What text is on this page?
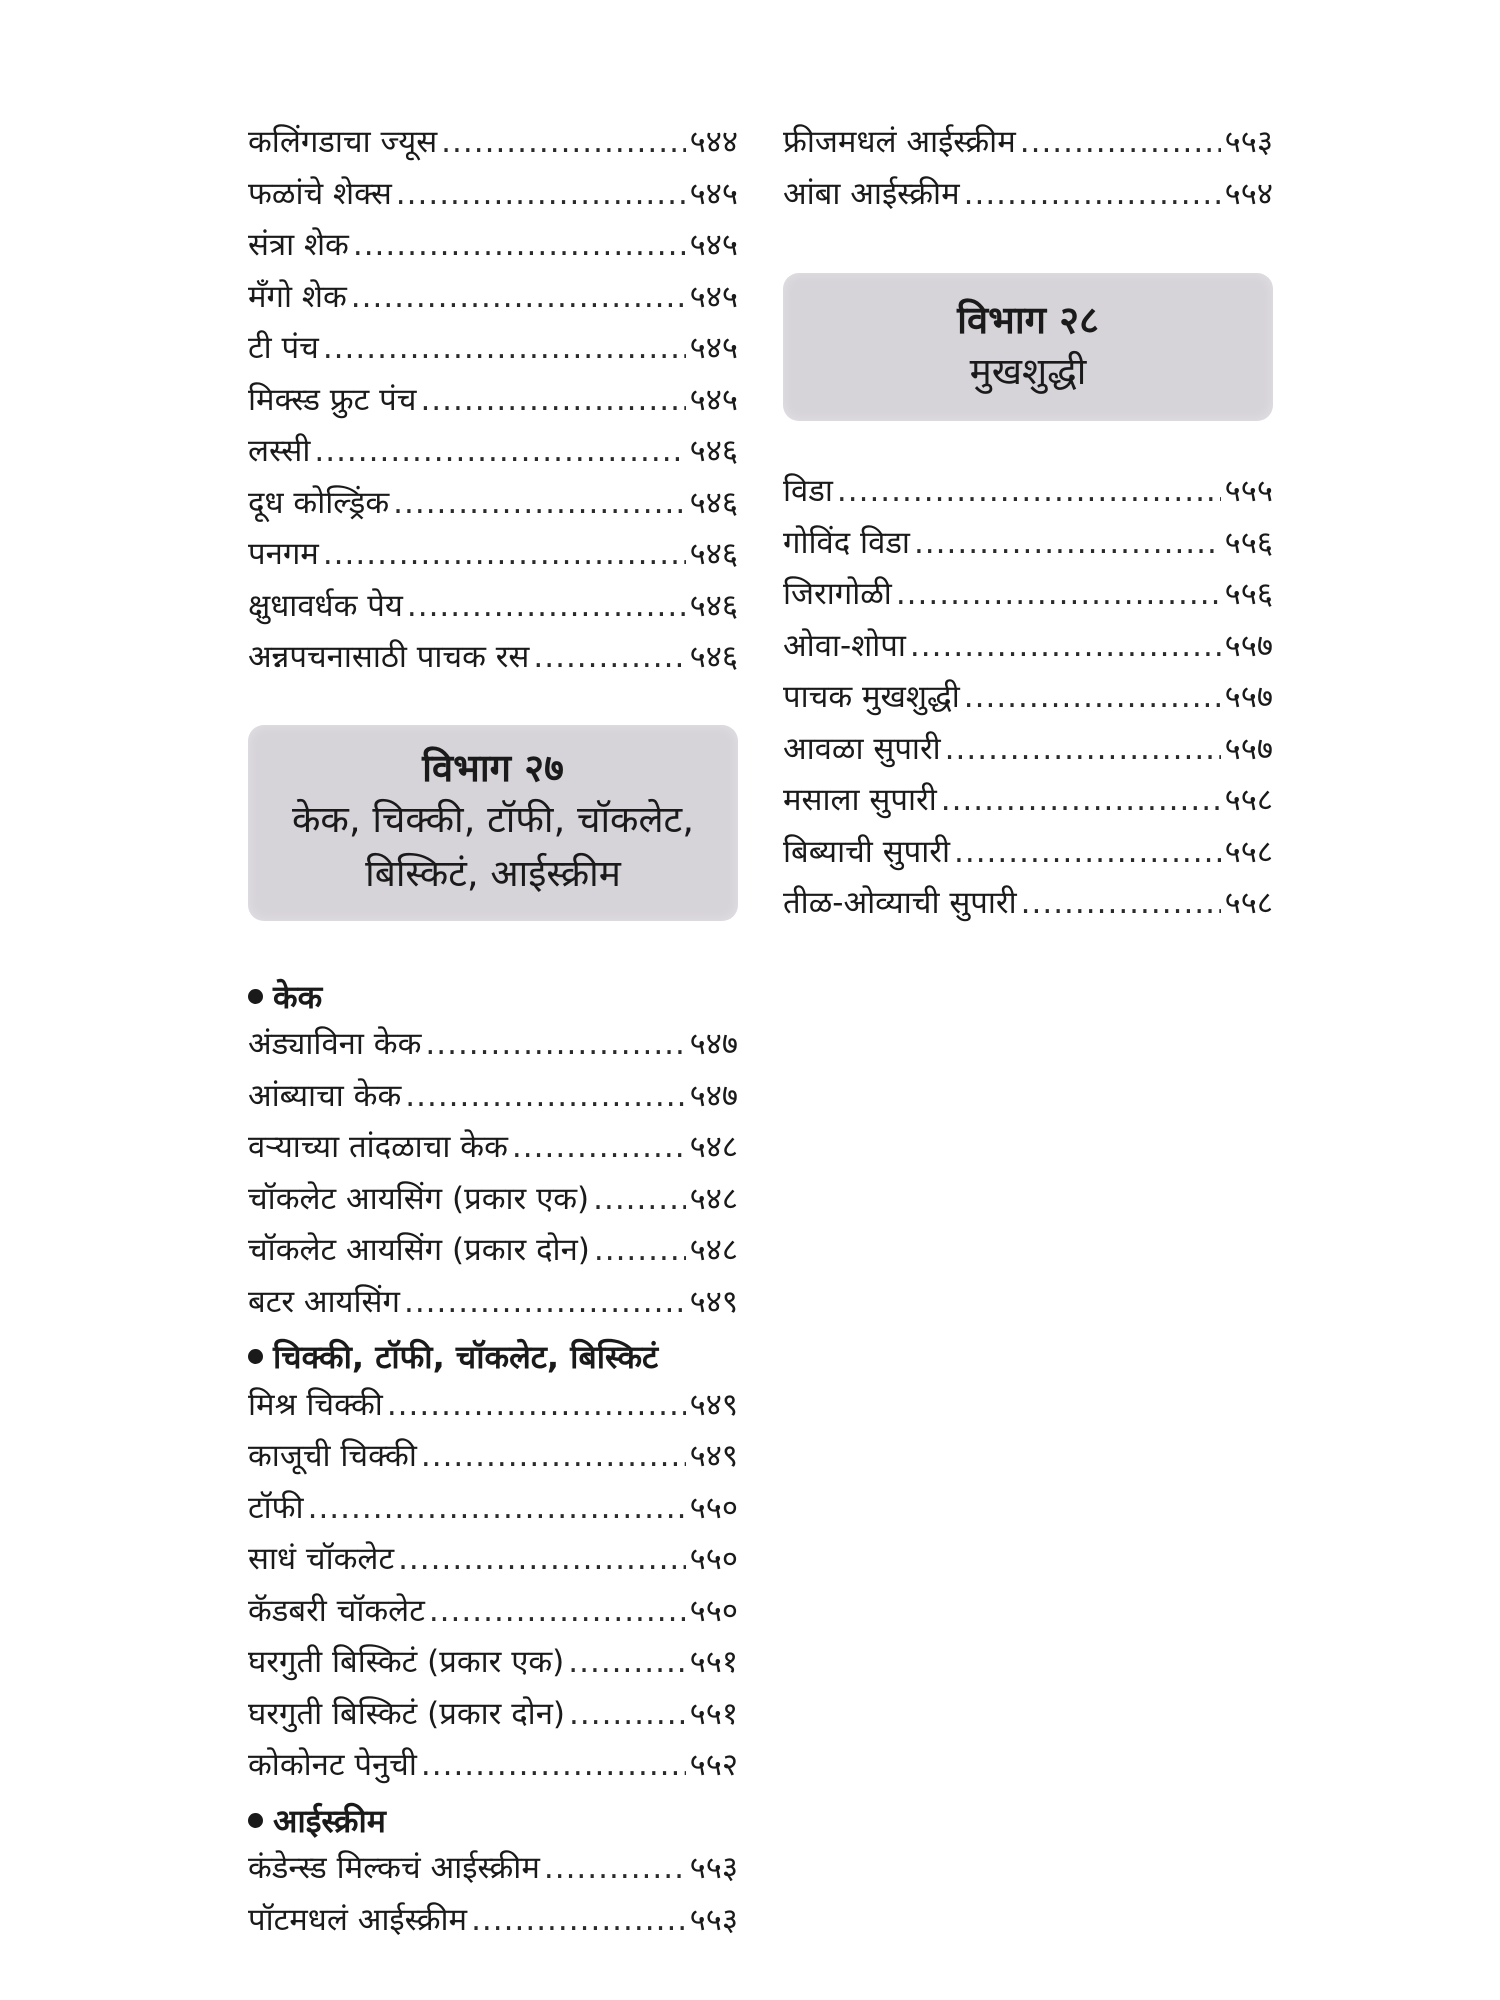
कलिंगडाचा ज्यूस .....	५४४
फळांचे शेक्स .....	५४५
संत्रा शेक .....	५४५
मँगो शेक .....	५४५
टी पंच .....	५४५
मिक्स्ड फ्रुट पंच .....	५४५
लस्सी .....	५४६
दूध कोल्ड्रिंक .....	५४६
पनगम .....	५४६
क्षुधावर्धक पेय .....	५४६
अन्नपचनासाठी पाचक रस .....	५४६
विभाग २७
केक, चिक्की, टॉफी, चॉकलेट,
बिस्किटं, आईस्क्रीम
केक
अंड्याविना केक .....	५४७
आंब्याचा केक .....	५४७
वऱ्याच्या तांदळाचा केक .....	५४८
चॉकलेट आयसिंग (प्रकार एक) .....	५४८
चॉकलेट आयसिंग (प्रकार दोन) .....	५४८
बटर आयसिंग .....	५४९
चिक्की, टॉफी, चॉकलेट, बिस्किटं
मिश्र चिक्की .....	५४९
काजूची चिक्की .....	५४९
टॉफी .....	५५०
साधं चॉकलेट .....	५५०
कॅडबरी चॉकलेट .....	५५०
घरगुती बिस्किटं (प्रकार एक) .....	५५१
घरगुती बिस्किटं (प्रकार दोन) .....	५५१
कोकोनट पेनुची .....	५५२
आईस्क्रीम
कंडेन्स्ड मिल्कचं आईस्क्रीम .....	५५३
पॉटमधलं आईस्क्रीम .....	५५३
फ्रीजमधलं आईस्क्रीम .....	५५३
आंबा आईस्क्रीम .....	५५४
विभाग २८
मुखशुद्धी
विडा .....	५५५
गोविंद विडा .....	५५६
जिरागोळी .....	५५६
ओवा-शोपा .....	५५७
पाचक मुखशुद्धी .....	५५७
आवळा सुपारी .....	५५७
मसाला सुपारी .....	५५८
बिब्याची सुपारी .....	५५८
तीळ-ओव्याची सुपारी .....	५५८
